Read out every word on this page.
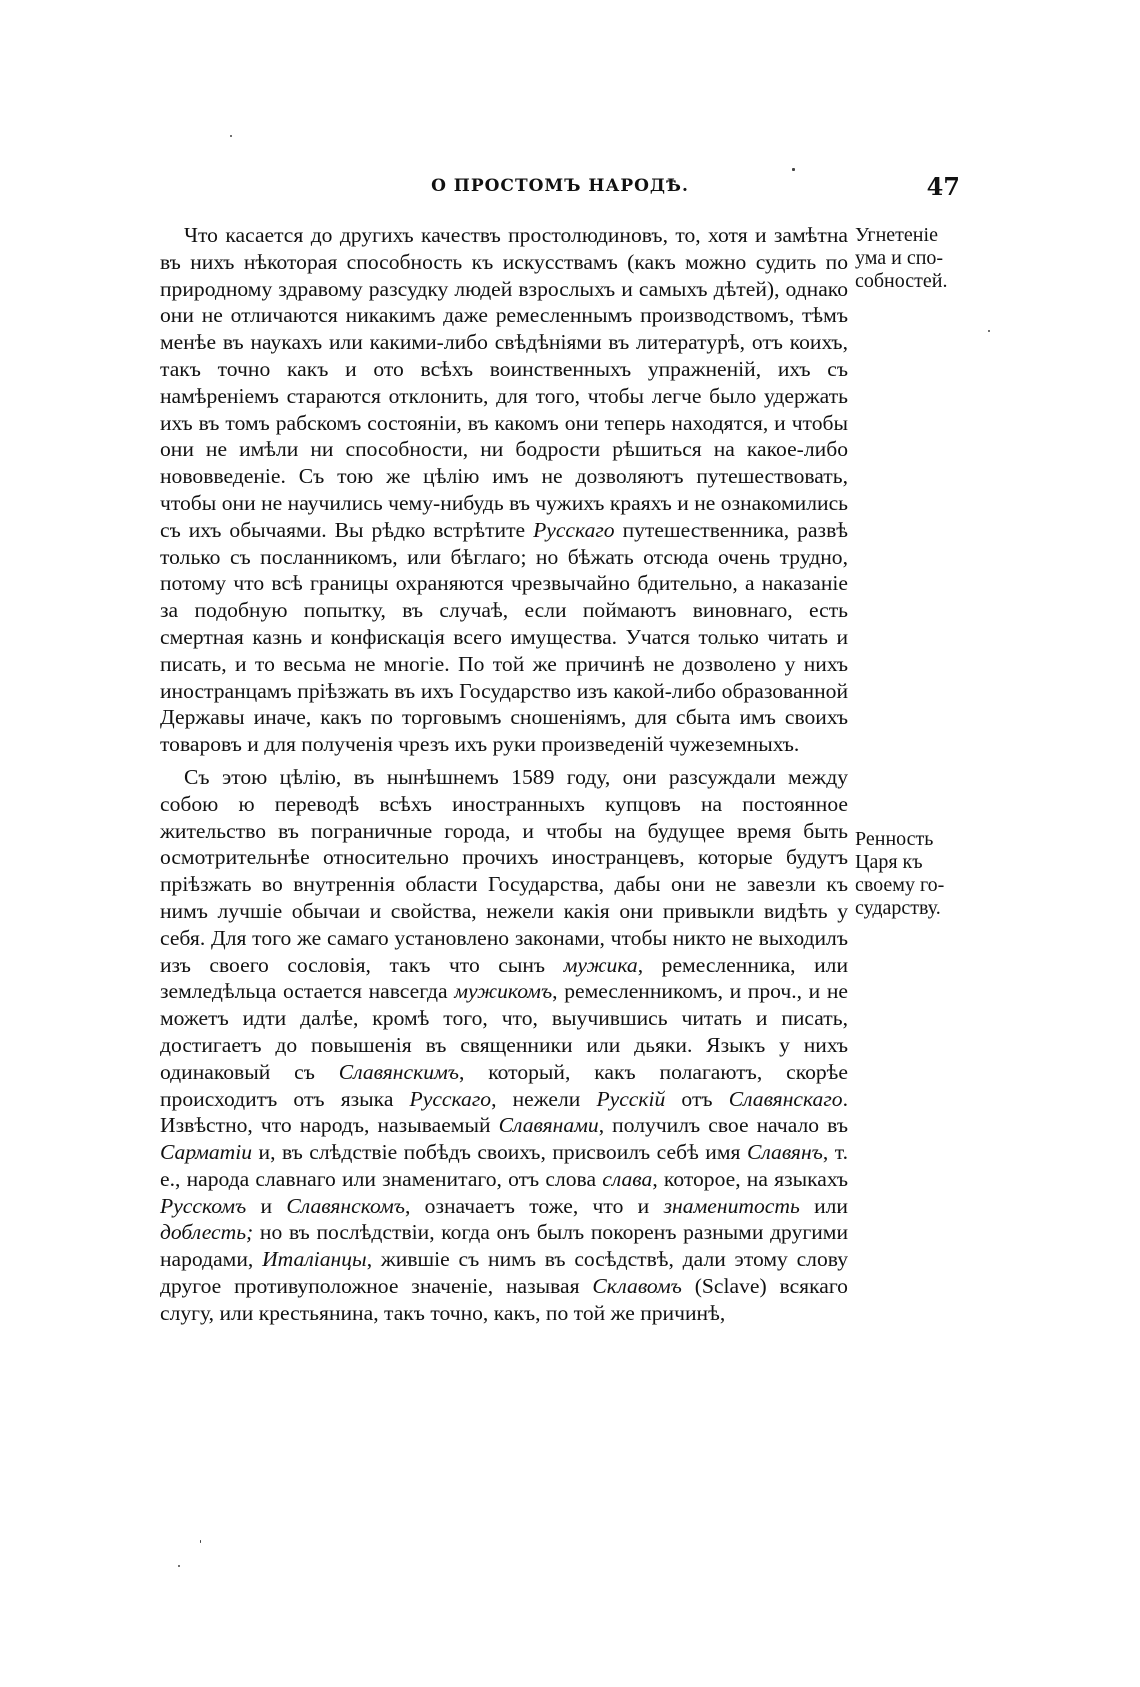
О ПРОСТОМЪ НАРОДѢ.	47

Что касается до другихъ качествъ простолюдиновъ, то, хотя и замѣтна въ нихъ нѣкоторая способность къ искусствамъ (какъ можно судить по природному здравому разсудку людей взрослыхъ и самыхъ дѣтей), однако они не отличаются никакимъ даже ремесленнымъ производствомъ, тѣмъ менѣе въ наукахъ или какими-либо свѣдѣніями въ литературѣ, отъ коихъ, такъ точно какъ и ото всѣхъ воинственныхъ упражненій, ихъ съ намѣреніемъ стараются отклонить, для того, чтобы легче было удержать ихъ въ томъ рабскомъ состояніи, въ какомъ они теперь находятся, и чтобы они не имѣли ни способности, ни бодрости рѣшиться на какое-либо нововведеніе. Съ тою же цѣлію имъ не дозволяютъ путешествовать, чтобы они не научились чему-нибудь въ чужихъ краяхъ и не ознакомились съ ихъ обычаями. Вы рѣдко встрѣтите Русскаго путешественника, развѣ только съ посланникомъ, или бѣглаго; но бѣжать отсюда очень трудно, потому что всѣ границы охраняются чрезвычайно бдительно, а наказаніе за подобную попытку, въ случаѣ, если поймаютъ виновнаго, есть смертная казнь и конфискація всего имущества. Учатся только читать и писать, и то весьма не многіе. По той же причинѣ не дозволено у нихъ иностранцамъ пріѣзжать въ ихъ Государство изъ какой-либо образованной Державы иначе, какъ по торговымъ сношеніямъ, для сбыта имъ своихъ товаровъ и для полученія чрезъ ихъ руки произведеній чужеземныхъ.

Съ этою цѣлію, въ нынѣшнемъ 1589 году, они разсуждали между собою ю переводѣ всѣхъ иностранныхъ купцовъ на постоянное жительство въ пограничные города, и чтобы на будущее время быть осмотрительнѣе относительно прочихъ иностранцевъ, которые будутъ пріѣзжать во внутреннія области Государства, дабы они не завезли къ нимъ лучшіе обычаи и свойства, нежели какія они привыкли видѣть у себя. Для того же самаго установлено законами, чтобы никто не выходилъ изъ своего сословія, такъ что сынъ мужика, ремесленника, или земледѣльца остается навсегда мужикомъ, ремесленникомъ, и проч., и не можетъ идти далѣе, кромѣ того, что, выучившись читать и писать, достигаетъ до повышенія въ священники или дьяки. Языкъ у нихъ одинаковый съ Славянскимъ, который, какъ полагаютъ, скорѣе происходитъ отъ языка Русскаго, нежели Русскій отъ Славянскаго. Извѣстно, что народъ, называемый Славянами, получилъ свое начало въ Сарматіи и, въ слѣдствіе побѣдъ своихъ, присвоилъ себѣ имя Славянъ, т. е., народа славнаго или знаменитаго, отъ слова слава, которое, на языкахъ Русскомъ и Славянскомъ, означаетъ тоже, что и знаменитость или доблесть; но въ послѣдствіи, когда онъ былъ покоренъ разными другими народами, Италіанцы, жившіе съ нимъ въ сосѣдствѣ, дали этому слову другое противуположное значеніе, называя Склавомъ (Sclave) всякаго слугу, или крестьянина, такъ точно, какъ, по той же причинѣ,

Угнетеніе ума и спо-собностей.
Ренность Царя къ своему го-сударству.
